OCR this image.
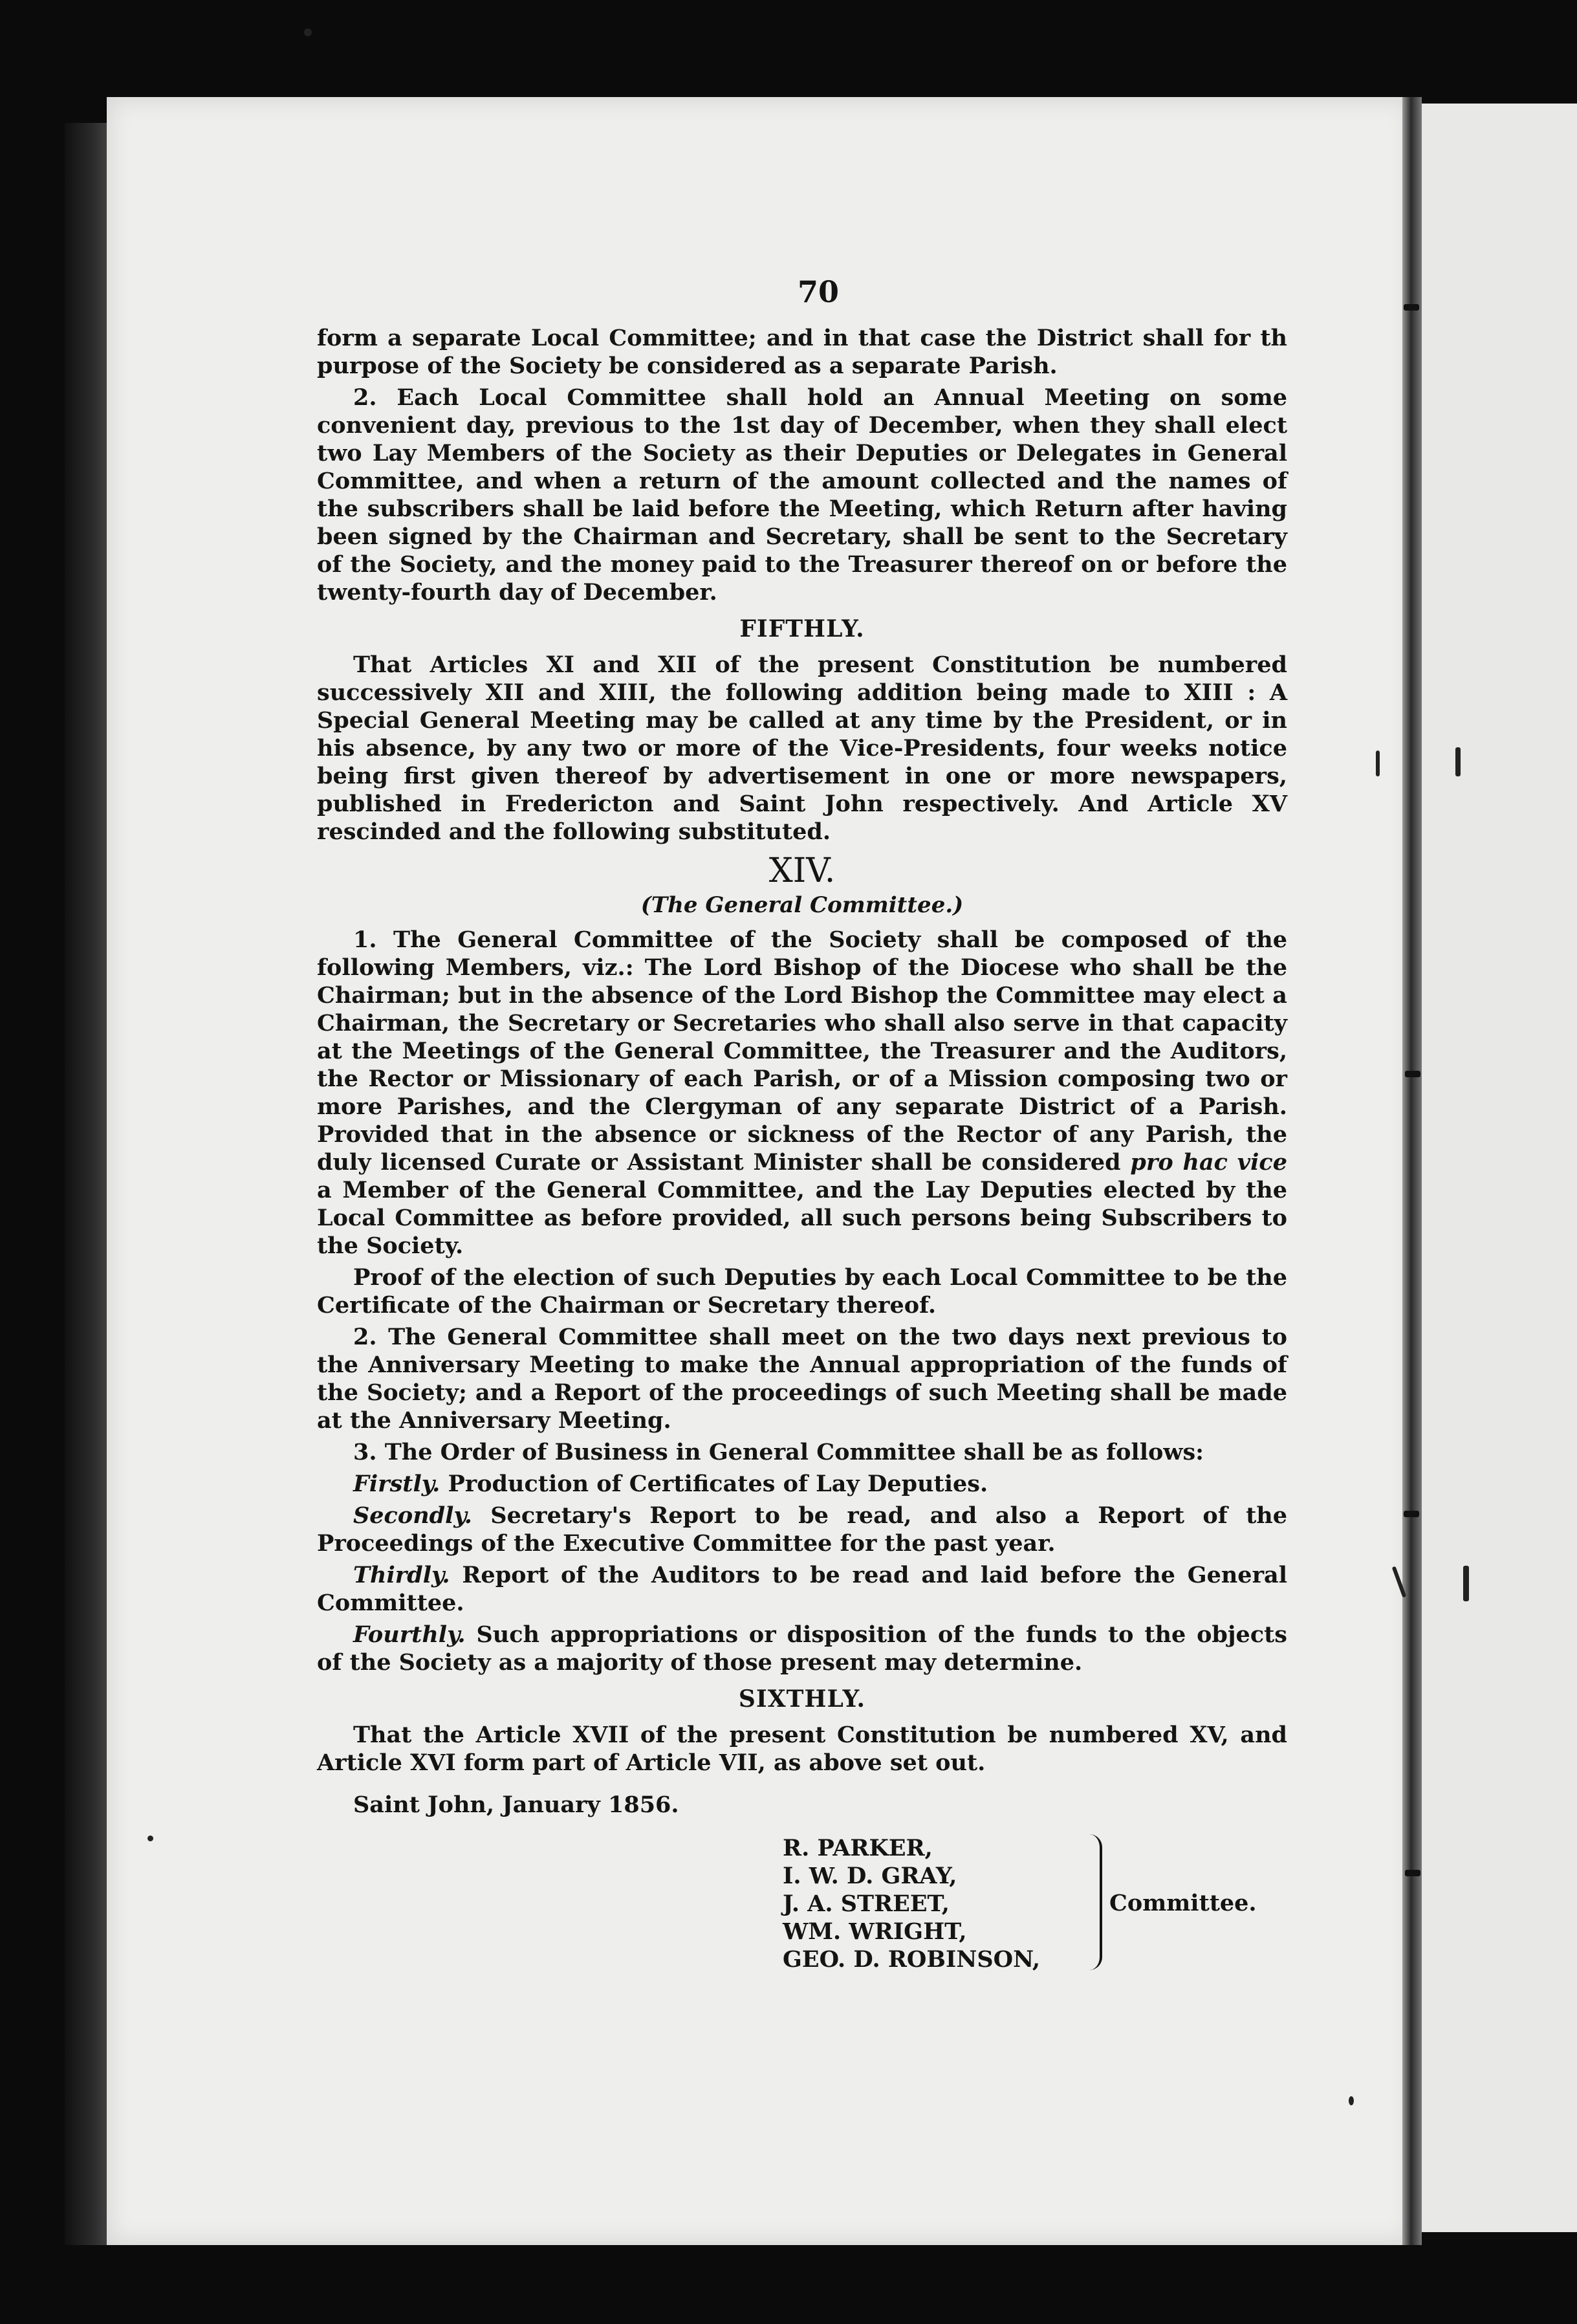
70

form a separate Local Committee; and in that case the District shall for th purpose of the Society be considered as a separate Parish.

2. Each Local Committee shall hold an Annual Meeting on some convenient day, previous to the 1st day of December, when they shall elect two Lay Members of the Society as their Deputies or Delegates in General Committee, and when a return of the amount collected and the names of the subscribers shall be laid before the Meeting, which Return after having been signed by the Chairman and Secretary, shall be sent to the Secretary of the Society, and the money paid to the Treasurer thereof on or before the twenty-fourth day of December.

FIFTHLY.

That Articles XI and XII of the present Constitution be numbered successively XII and XIII, the following addition being made to XIII : A Special General Meeting may be called at any time by the President, or in his absence, by any two or more of the Vice-Presidents, four weeks notice being first given thereof by advertisement in one or more newspapers, published in Fredericton and Saint John respectively. And Article XV rescinded and the following substituted.

XIV.
(The General Committee.)

1. The General Committee of the Society shall be composed of the following Members, viz.: The Lord Bishop of the Diocese who shall be the Chairman; but in the absence of the Lord Bishop the Committee may elect a Chairman, the Secretary or Secretaries who shall also serve in that capacity at the Meetings of the General Committee, the Treasurer and the Auditors, the Rector or Missionary of each Parish, or of a Mission composing two or more Parishes, and the Clergyman of any separate District of a Parish. Provided that in the absence or sickness of the Rector of any Parish, the duly licensed Curate or Assistant Minister shall be considered pro hac vice a Member of the General Committee, and the Lay Deputies elected by the Local Committee as before provided, all such persons being Subscribers to the Society.

Proof of the election of such Deputies by each Local Committee to be the Certificate of the Chairman or Secretary thereof.

2. The General Committee shall meet on the two days next previous to the Anniversary Meeting to make the Annual appropriation of the funds of the Society; and a Report of the proceedings of such Meeting shall be made at the Anniversary Meeting.

3. The Order of Business in General Committee shall be as follows:

Firstly. Production of Certificates of Lay Deputies.

Secondly. Secretary's Report to be read, and also a Report of the Proceedings of the Executive Committee for the past year.

Thirdly. Report of the Auditors to be read and laid before the General Committee.

Fourthly. Such appropriations or disposition of the funds to the objects of the Society as a majority of those present may determine.

SIXTHLY.

That the Article XVII of the present Constitution be numbered XV, and Article XVI form part of Article VII, as above set out.

Saint John, January 1856.
R. PARKER,
I. W. D. GRAY,
J. A. STREET,
WM. WRIGHT,
GEO. D. ROBINSON,
Committee.
